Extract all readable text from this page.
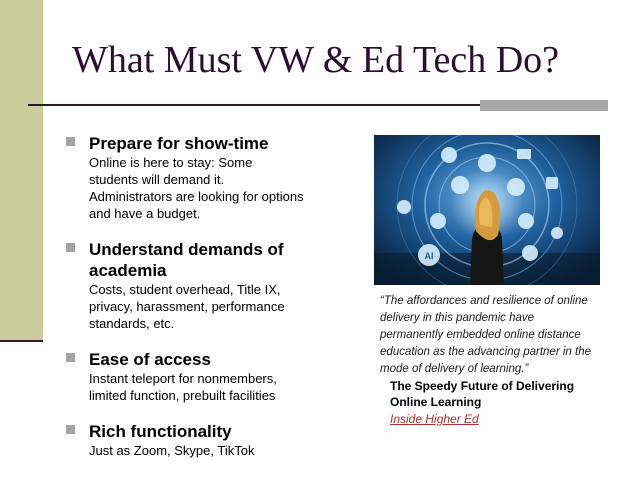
What Must VW & Ed Tech Do?
Prepare for show-time
Online is here to stay: Some
students will demand it.
Administrators are looking for options
and have a budget.
Understand demands of
academia
Costs, student overhead, Title IX,
privacy, harassment, performance
standards, etc.
Ease of access
Instant teleport for nonmembers,
limited function, prebuilt facilities
Rich functionality
Just as Zoom, Skype, TikTok
AI
“The affordances and resilience of online
delivery in this pandemic have
permanently embedded online distance
education as the advancing partner in the
mode of delivery of learning.”
The Speedy Future of Delivering
Online Learning
Inside Higher Ed
